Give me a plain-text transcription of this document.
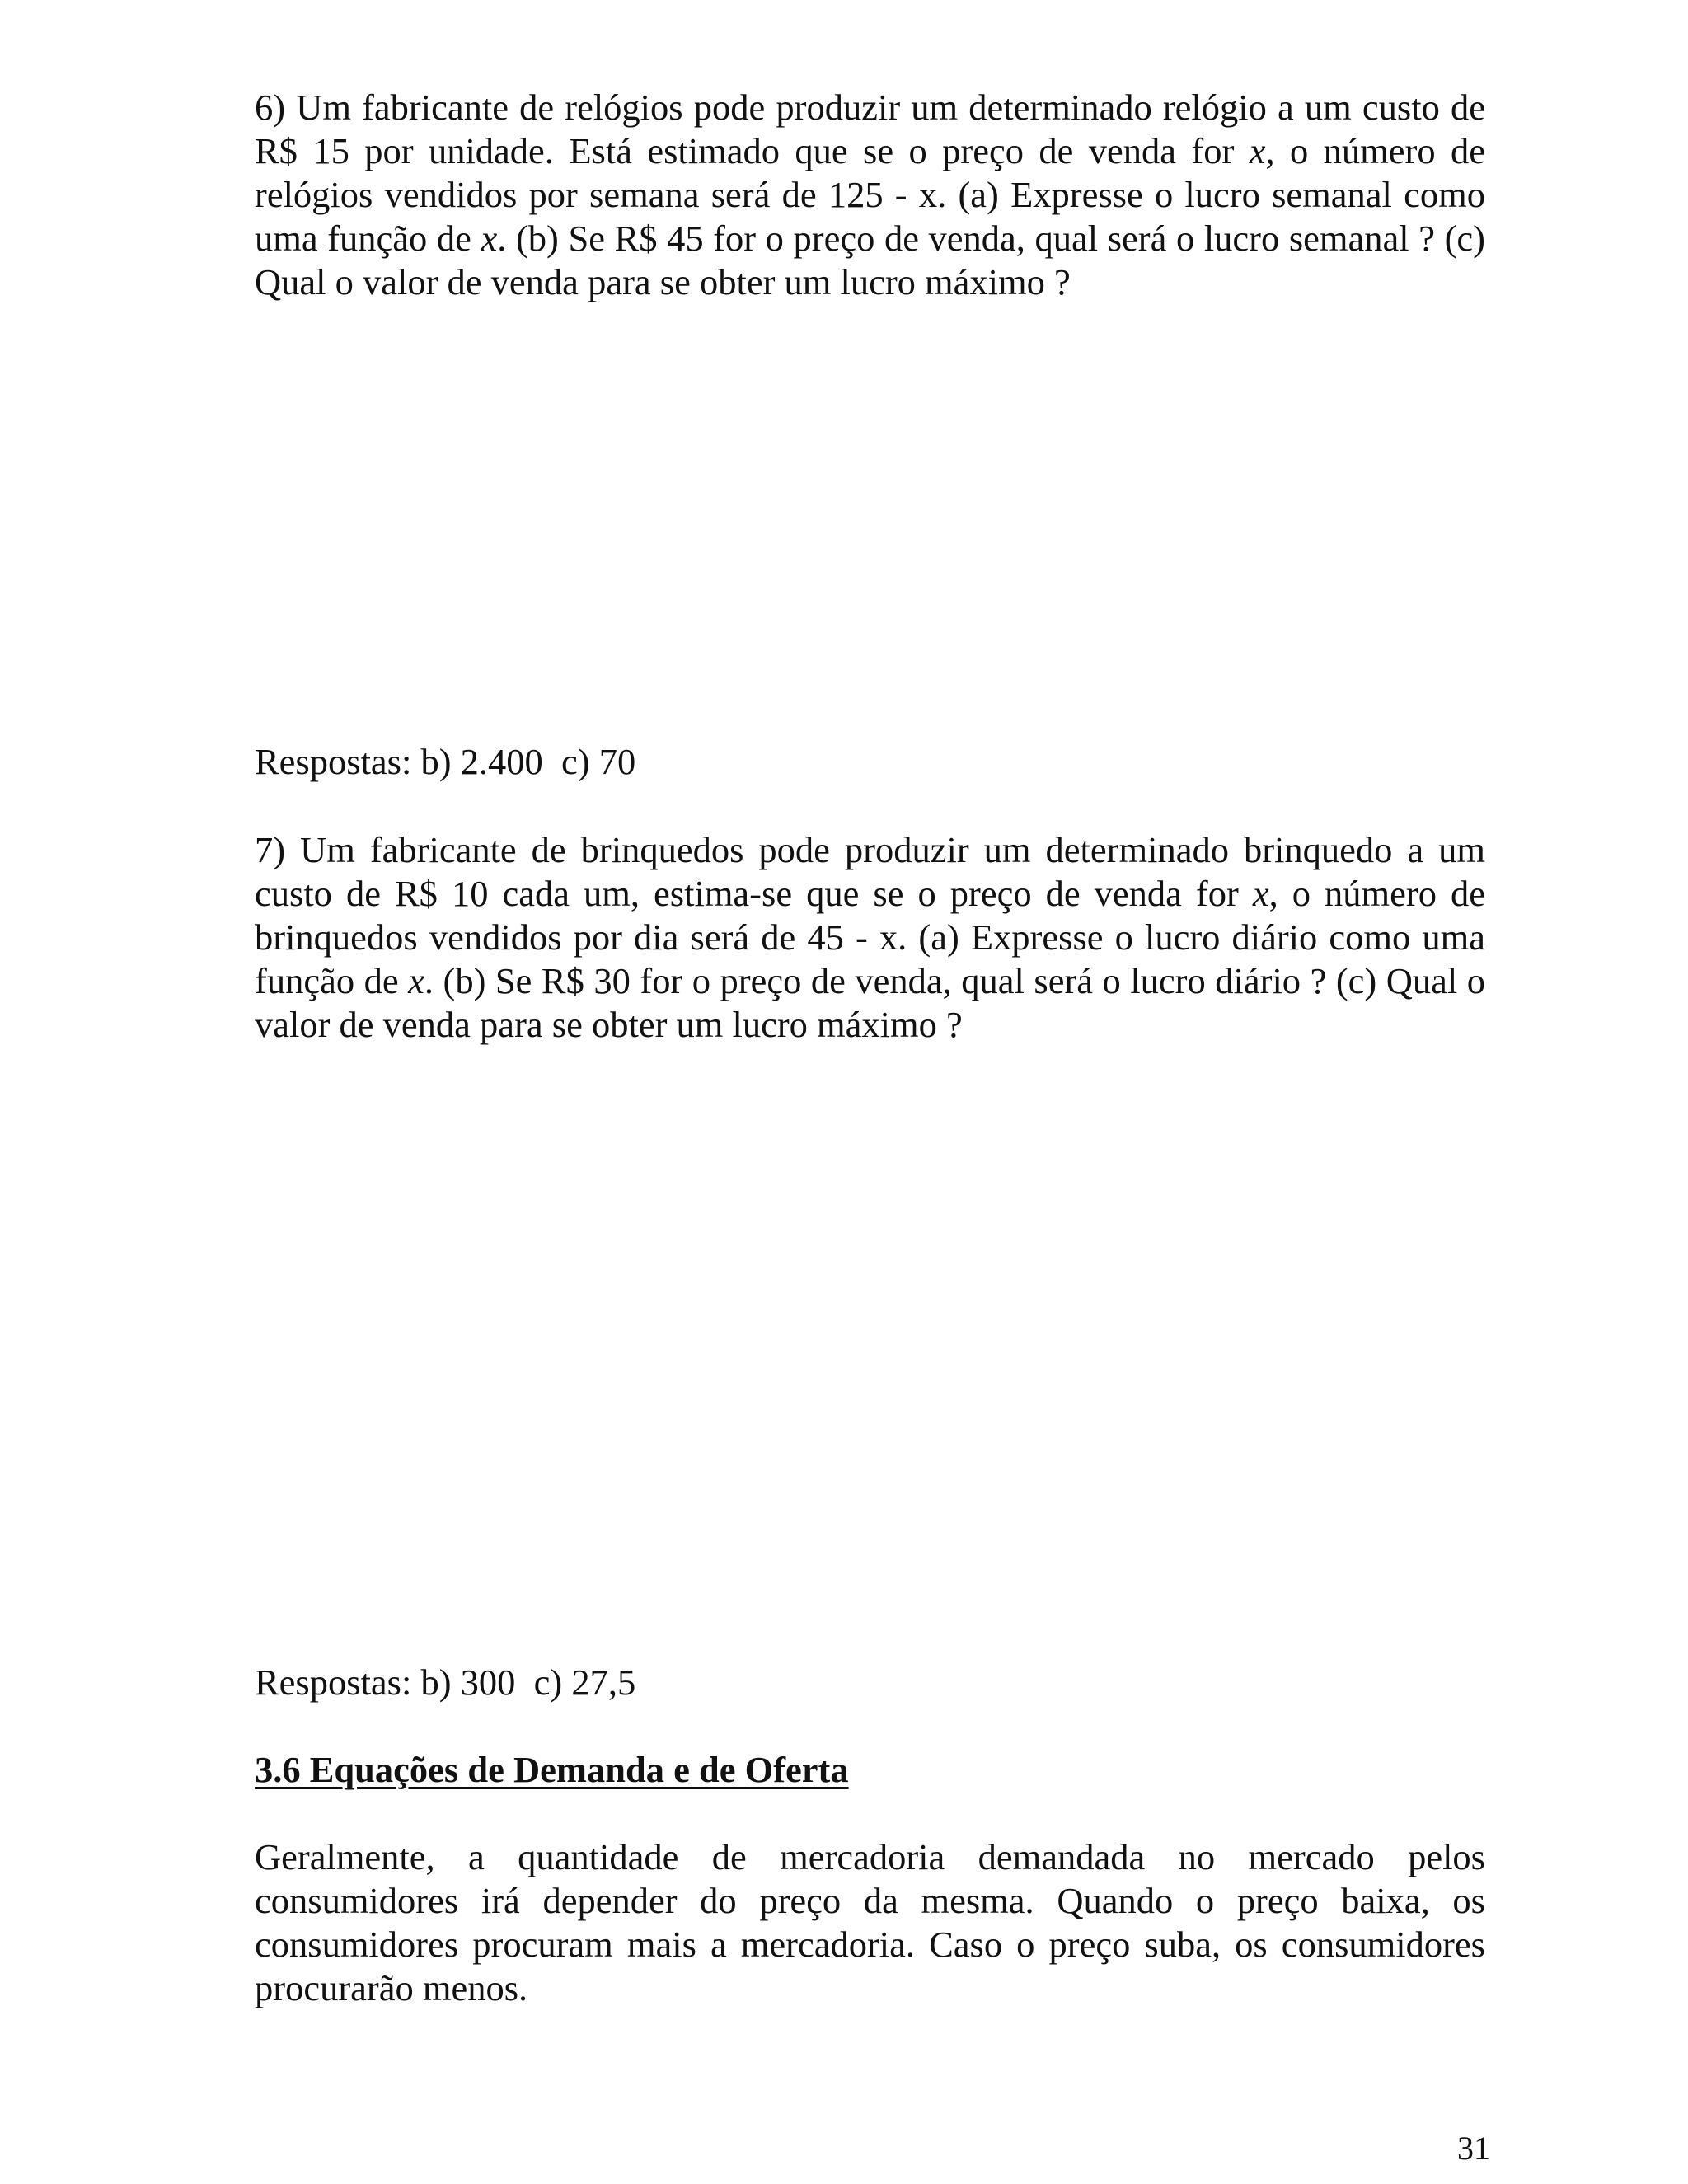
6) Um fabricante de relógios pode produzir um determinado relógio a um custo de R$ 15 por unidade. Está estimado que se o preço de venda for x, o número de relógios vendidos por semana será de 125 - x. (a) Expresse o lucro semanal como uma função de x. (b) Se R$ 45 for o preço de venda, qual será o lucro semanal ? (c) Qual o valor de venda para se obter um lucro máximo ?

Respostas: b) 2.400  c) 70

7) Um fabricante de brinquedos pode produzir um determinado brinquedo a um custo de R$ 10 cada um, estima-se que se o preço de venda for x, o número de brinquedos vendidos por dia será de 45 - x. (a) Expresse o lucro diário como uma função de x. (b) Se R$ 30 for o preço de venda, qual será o lucro diário ? (c) Qual o valor de venda para se obter um lucro máximo ?

Respostas: b) 300  c) 27,5

3.6 Equações de Demanda e de Oferta

Geralmente, a quantidade de mercadoria demandada no mercado pelos consumidores irá depender do preço da mesma. Quando o preço baixa, os consumidores procuram mais a mercadoria. Caso o preço suba, os consumidores procurarão menos.

31
